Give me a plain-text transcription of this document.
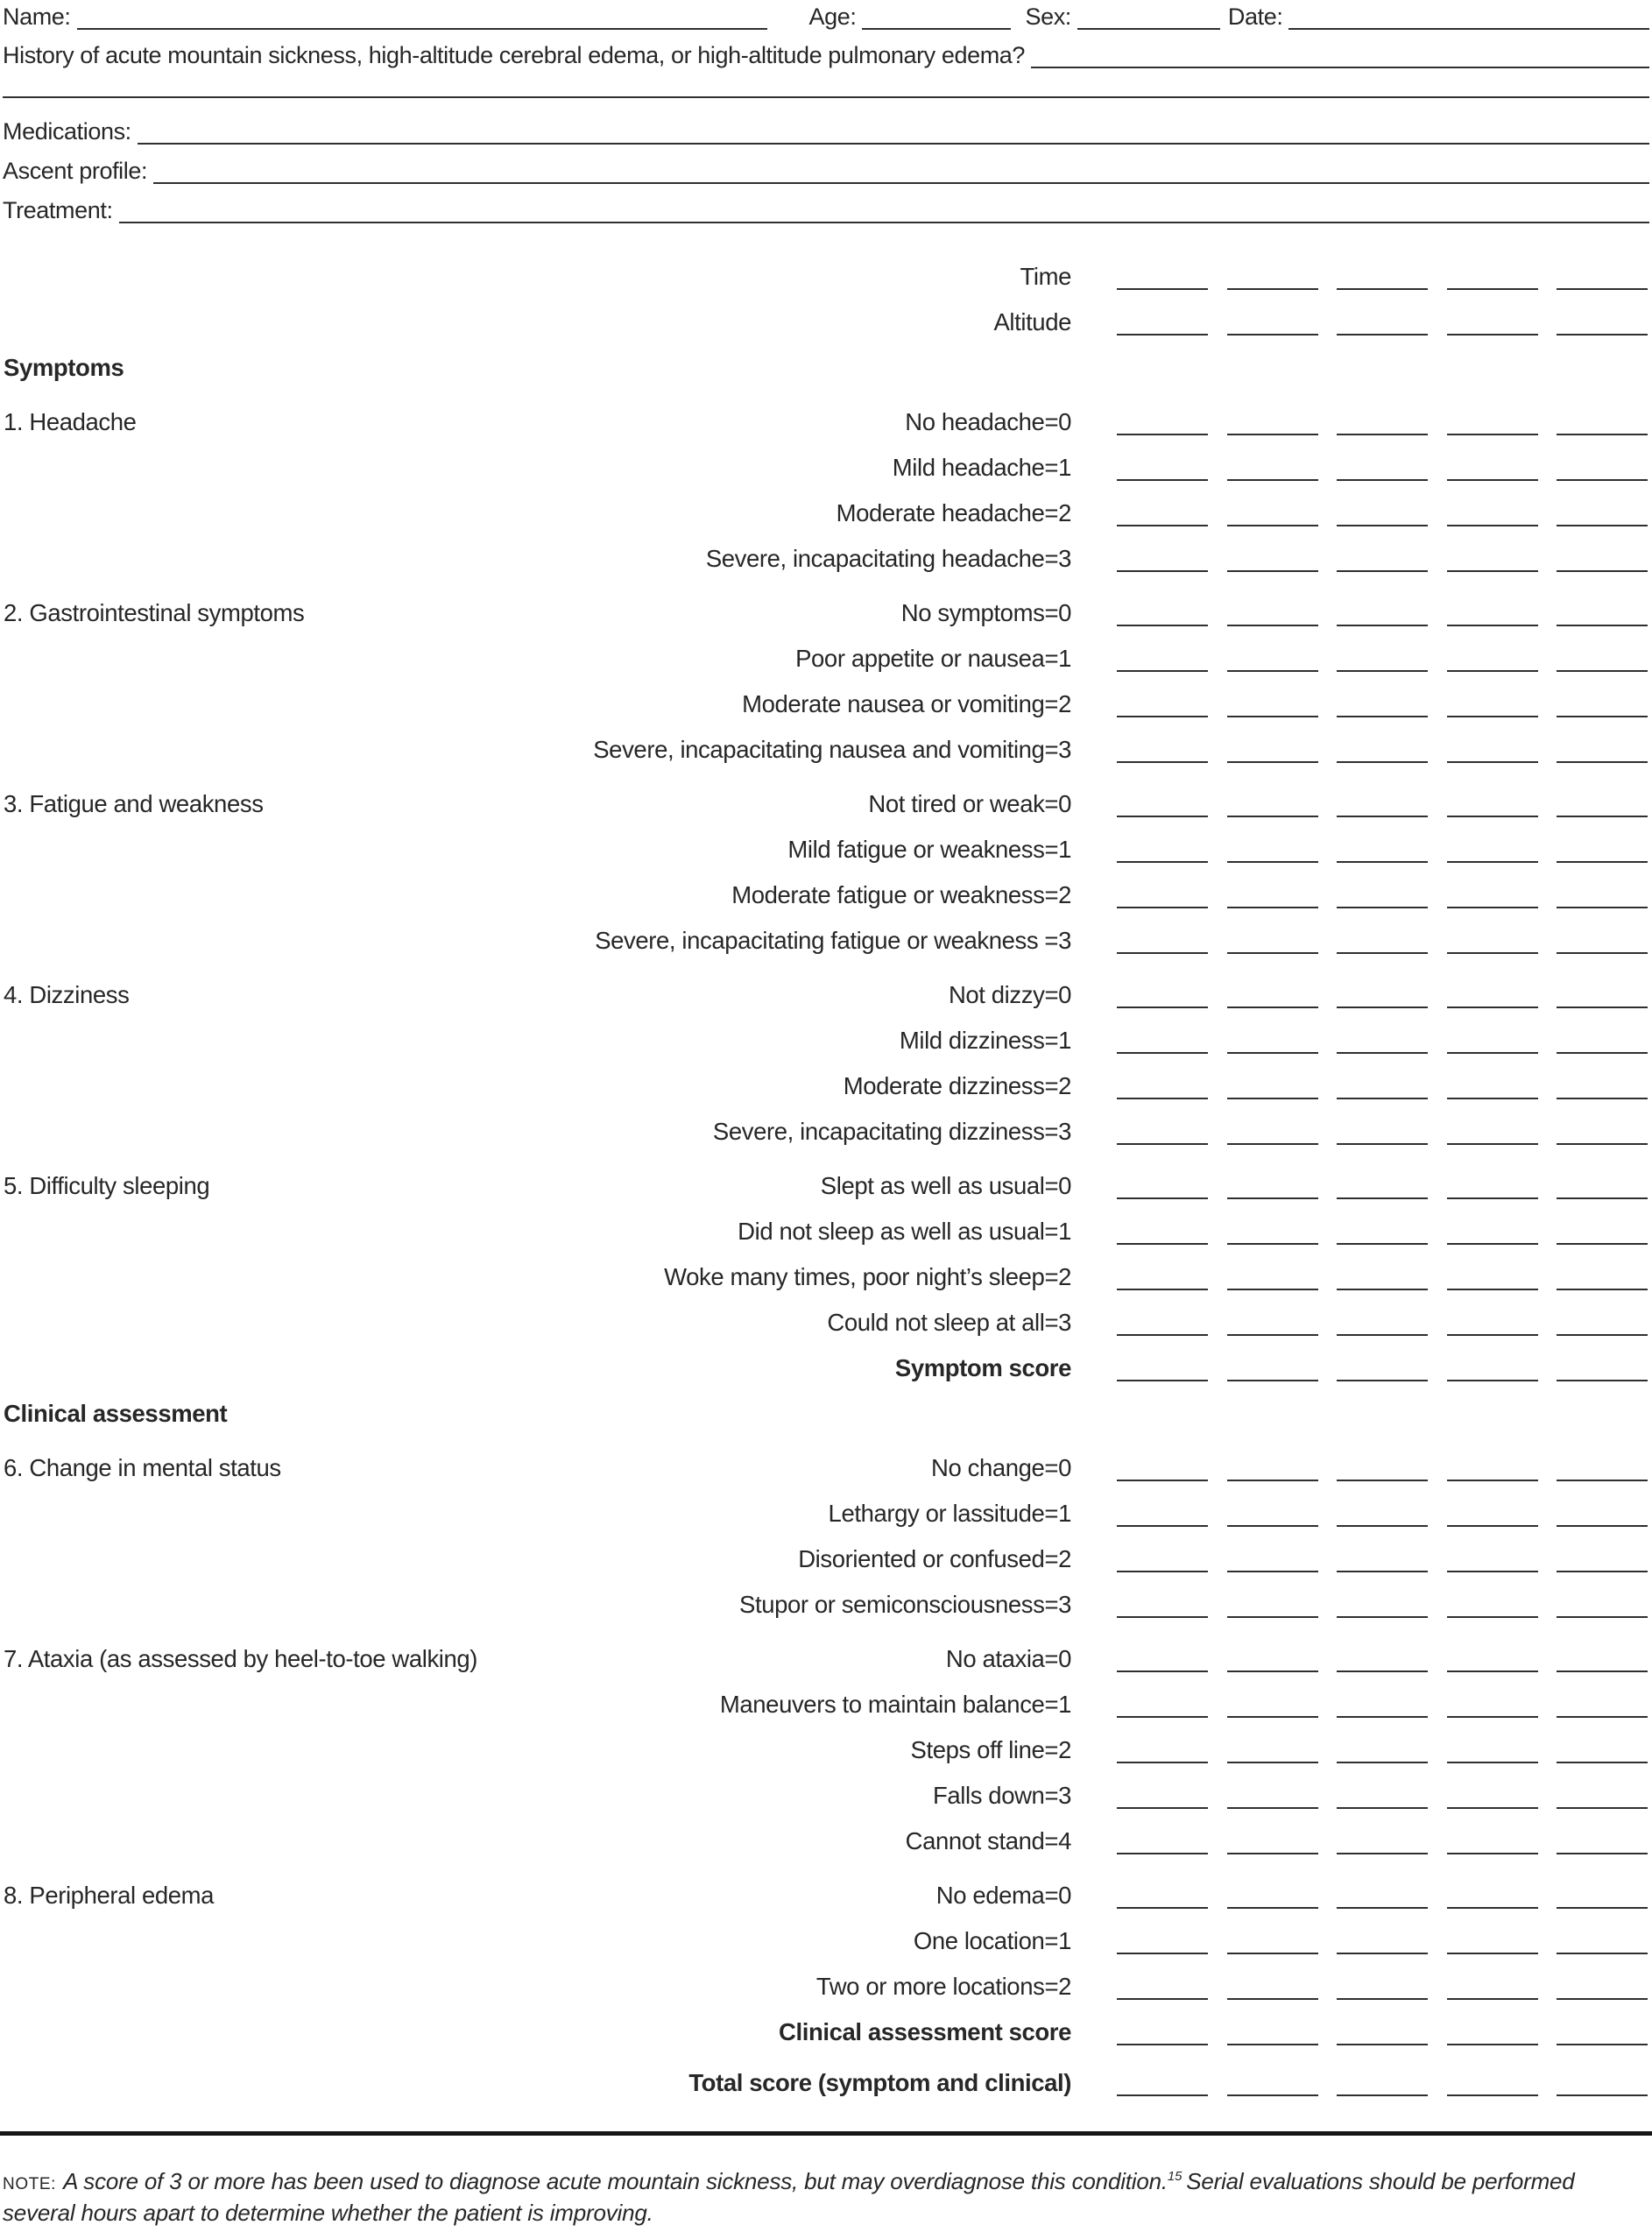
Name:	Age:	Sex:	Date:
History of acute mountain sickness, high-altitude cerebral edema, or high-altitude pulmonary edema?
Medications:
Ascent profile:
Treatment:
Time
Altitude
Symptoms
1. Headache	No headache=0
Mild headache=1
Moderate headache=2
Severe, incapacitating headache=3
2. Gastrointestinal symptoms	No symptoms=0
Poor appetite or nausea=1
Moderate nausea or vomiting=2
Severe, incapacitating nausea and vomiting=3
3. Fatigue and weakness	Not tired or weak=0
Mild fatigue or weakness=1
Moderate fatigue or weakness=2
Severe, incapacitating fatigue or weakness =3
4. Dizziness	Not dizzy=0
Mild dizziness=1
Moderate dizziness=2
Severe, incapacitating dizziness=3
5. Difficulty sleeping	Slept as well as usual=0
Did not sleep as well as usual=1
Woke many times, poor night’s sleep=2
Could not sleep at all=3
Symptom score
Clinical assessment
6. Change in mental status	No change=0
Lethargy or lassitude=1
Disoriented or confused=2
Stupor or semiconsciousness=3
7. Ataxia (as assessed by heel-to-toe walking)	No ataxia=0
Maneuvers to maintain balance=1
Steps off line=2
Falls down=3
Cannot stand=4
8. Peripheral edema	No edema=0
One location=1
Two or more locations=2
Clinical assessment score
Total score (symptom and clinical)

NOTE: A score of 3 or more has been used to diagnose acute mountain sickness, but may overdiagnose this condition.$^{15}$ Serial evaluations should be performed several hours apart to determine whether the patient is improving.
